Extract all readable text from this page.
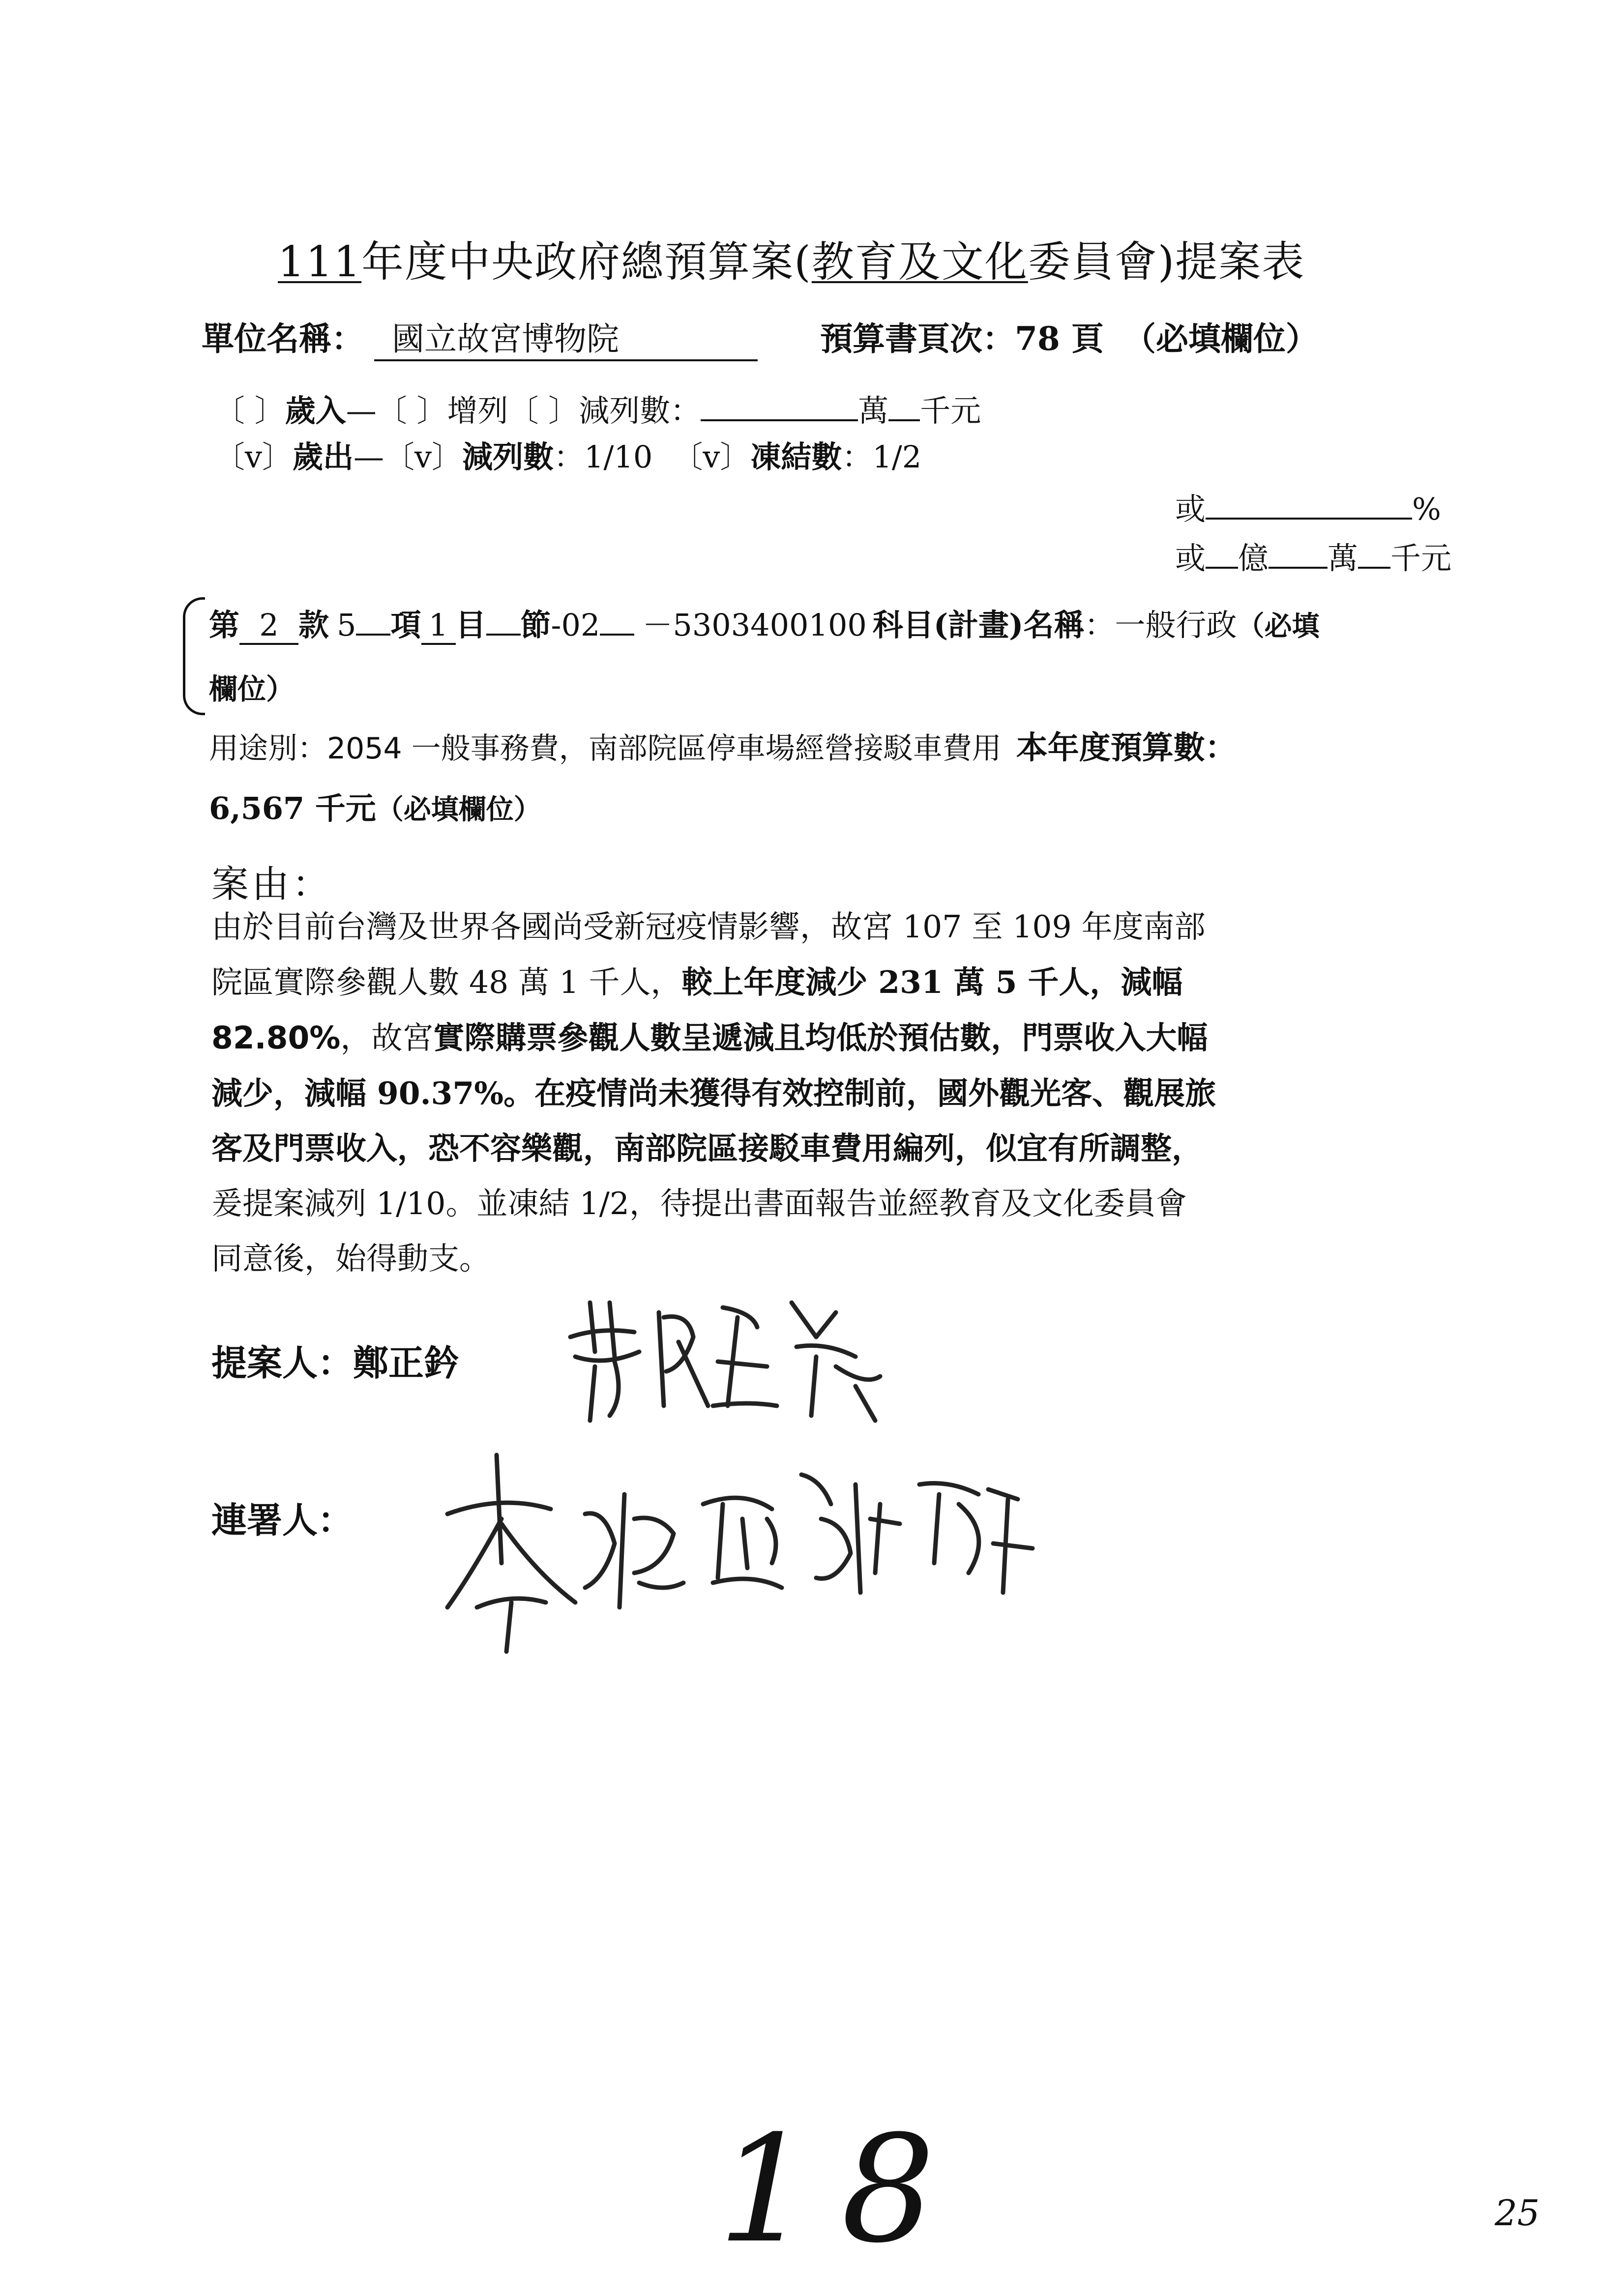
111年度中央政府總預算案(教育及文化委員會)提案表
單位名稱： 國立故宮博物院	預算書頁次：78 頁 （必填欄位）
〔 〕歲入—〔 〕增列〔 〕減列數：	萬 千元
〔v〕歲出—〔v〕減列數：1/10 〔v〕凍結數：1/2
或	%
或 億 萬 千元
第 2 款 5 項 1 目 節-02 －5303400100 科目(計畫)名稱：一般行政（必填
欄位）
用途別：2054 一般事務費，南部院區停車場經營接駁車費用 本年度預算數：
6,567 千元（必填欄位）
案由：
由於目前台灣及世界各國尚受新冠疫情影響，故宮 107 至 109 年度南部
院區實際參觀人數 48 萬 1 千人，較上年度減少 231 萬 5 千人，減幅
82.80%，故宮實際購票參觀人數呈遞減且均低於預估數，門票收入大幅
減少，減幅 90.37%。在疫情尚未獲得有效控制前，國外觀光客、觀展旅
客及門票收入，恐不容樂觀，南部院區接駁車費用編列，似宜有所調整，
爰提案減列 1/10。並凍結 1/2，待提出書面報告並經教育及文化委員會
同意後，始得動支。
提案人：鄭正鈐
連署人：
18	25
